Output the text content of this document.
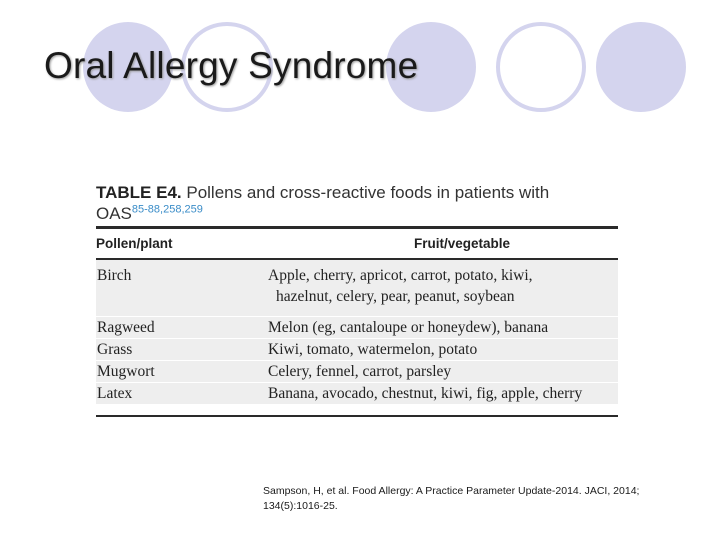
Oral Allergy Syndrome
TABLE E4. Pollens and cross-reactive foods in patients with
OAS$^{85-88,258,259}$
Pollen/plant	Fruit/vegetable
Birch	Apple, cherry, apricot, carrot, potato, kiwi,
hazelnut, celery, pear, peanut, soybean
Ragweed	Melon (eg, cantaloupe or honeydew), banana
Grass	Kiwi, tomato, watermelon, potato
Mugwort	Celery, fennel, carrot, parsley
Latex	Banana, avocado, chestnut, kiwi, fig, apple, cherry
Sampson, H, et al. Food Allergy: A Practice Parameter Update-2014. JACI, 2014;
134(5):1016-25.
